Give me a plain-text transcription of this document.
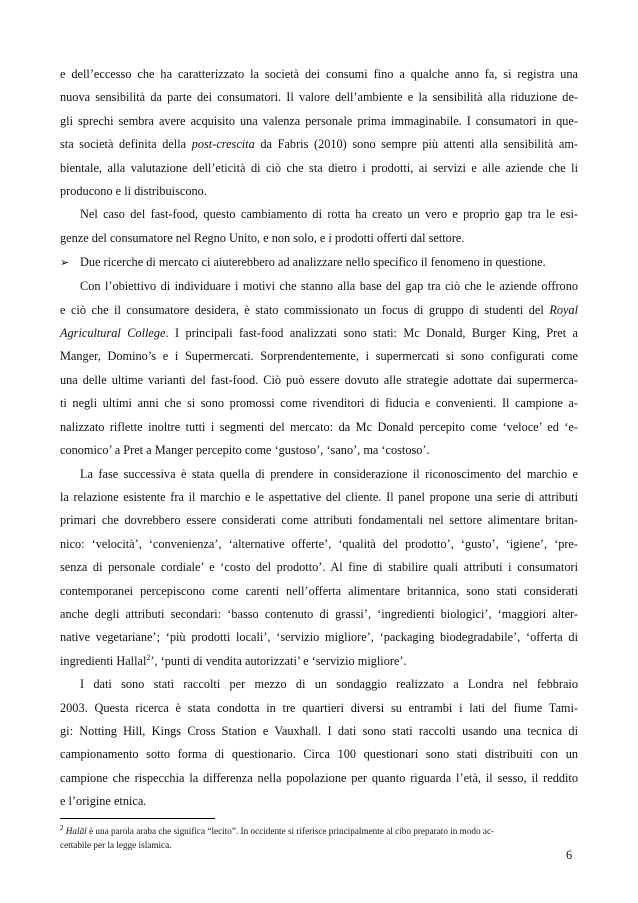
e dell’eccesso che ha caratterizzato la società dei consumi fino a qualche anno fa, si registra una

nuova sensibilità da parte dei consumatori. Il valore dell’ambiente e la sensibilità alla riduzione de-

gli sprechi sembra avere acquisito una valenza personale prima immaginabile. I consumatori in que-

sta società definita della post-crescita da Fabris (2010) sono sempre più attenti alla sensibilità am-

bientale, alla valutazione dell’eticità di ciò che sta dietro i prodotti, ai servizi e alle aziende che li

producono e li distribuiscono.

Nel caso del fast-food, questo cambiamento di rotta ha creato un vero e proprio gap tra le esi-

genze del consumatore nel Regno Unito, e non solo, e i prodotti offerti dal settore.

➢ Due ricerche di mercato ci aiuterebbero ad analizzare nello specifico il fenomeno in questione.

Con l’obiettivo di individuare i motivi che stanno alla base del gap tra ciò che le aziende offrono

e ciò che il consumatore desidera, è stato commissionato un focus di gruppo di studenti del Royal

Agricultural College. I principali fast-food analizzati sono stati: Mc Donald, Burger King, Pret a

Manger, Domino’s e i Supermercati. Sorprendentemente, i supermercati si sono configurati come

una delle ultime varianti del fast-food. Ciò può essere dovuto alle strategie adottate dai supermerca-

ti negli ultimi anni che si sono promossi come rivenditori di fiducia e convenienti. Il campione a-

nalizzato riflette inoltre tutti i segmenti del mercato: da Mc Donald percepito come ‘veloce’ ed ‘e-

conomico’ a Pret a Manger percepito come ‘gustoso’, ‘sano’, ma ‘costoso’.

La fase successiva è stata quella di prendere in considerazione il riconoscimento del marchio e

la relazione esistente fra il marchio e le aspettative del cliente. Il panel propone una serie di attributi

primari che dovrebbero essere considerati come attributi fondamentali nel settore alimentare britan-

nico: ‘velocità’, ‘convenienza’, ‘alternative offerte’, ‘qualità del prodotto’, ‘gusto’, ‘igiene’, ‘pre-

senza di personale cordiale’ e ‘costo del prodotto’. Al fine di stabilire quali attributi i consumatori

contemporanei percepiscono come carenti nell’offerta alimentare britannica, sono stati considerati

anche degli attributi secondari: ‘basso contenuto di grassi’, ‘ingredienti biologici’, ‘maggiori alter-

native vegetariane’; ‘più prodotti locali’, ‘servizio migliore’, ‘packaging biodegradabile’, ‘offerta di

ingredienti Hallal$^2$’, ‘punti di vendita autorizzati’ e ‘servizio migliore’.

I dati sono stati raccolti per mezzo di un sondaggio realizzato a Londra nel febbraio

2003. Questa ricerca è stata condotta in tre quartieri diversi su entrambi i lati del fiume Tami-

gi: Notting Hill, Kings Cross Station e Vauxhall. I dati sono stati raccolti usando una tecnica di

campionamento sotto forma di questionario. Circa 100 questionari sono stati distribuiti con un

campione che rispecchia la differenza nella popolazione per quanto riguarda l’età, il sesso, il reddito

e l’origine etnica.

$^2$ Halāl è una parola araba che significa “lecito”. In occidente si riferisce principalmente al cibo preparato in modo ac-

cettabile per la legge islamica.

6
